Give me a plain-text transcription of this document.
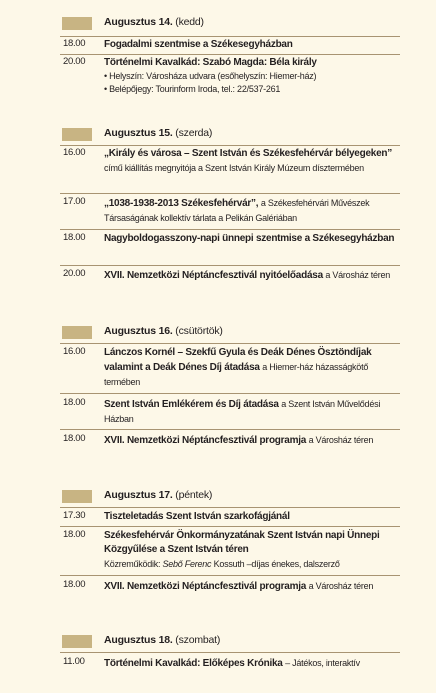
Augusztus 14. (kedd)
18.00 Fogadalmi szentmise a Székesegyházban
20.00 Történelmi Kavalkád: Szabó Magda: Béla király
• Helyszín: Városháza udvara (esőhelyszín: Hiemer-ház)
• Belépőjegy: Tourinform Iroda, tel.: 22/537-261
Augusztus 15. (szerda)
16.00 „Király és városa – Szent István és Székesfehérvár bélyegeken” című kiállítás megnyitója a Szent István Király Múzeum dísztermében
17.00 „1038-1938-2013 Székesfehérvár”, a Székesfehérvári Művészek Társaságának kollektív tárlata a Pelikán Galériában
18.00 Nagyboldogasszony-napi ünnepi szentmise a Székesegyházban
20.00 XVII. Nemzetközi Néptáncfesztivál nyitóelőadása a Városház téren
Augusztus 16. (csütörtök)
16.00 Lánczos Kornél – Szekfű Gyula és Deák Dénes Ösztöndíjak valamint a Deák Dénes Díj átadása a Hiemer-ház házasságkötő termében
18.00 Szent István Emlékérem és Díj átadása a Szent István Művelődési Házban
18.00 XVII. Nemzetközi Néptáncfesztivál programja a Városház téren
Augusztus 17. (péntek)
17.30 Tiszteletadás Szent István szarkofágjánál
18.00 Székesfehérvár Önkormányzatának Szent István napi Ünnepi Közgyűlése a Szent István téren
Közreműködik: Sebő Ferenc Kossuth –díjas énekes, dalszerző
18.00 XVII. Nemzetközi Néptáncfesztivál programja a Városház téren
Augusztus 18. (szombat)
11.00 Történelmi Kavalkád: Előképes Krónika – Játékos, interaktív
